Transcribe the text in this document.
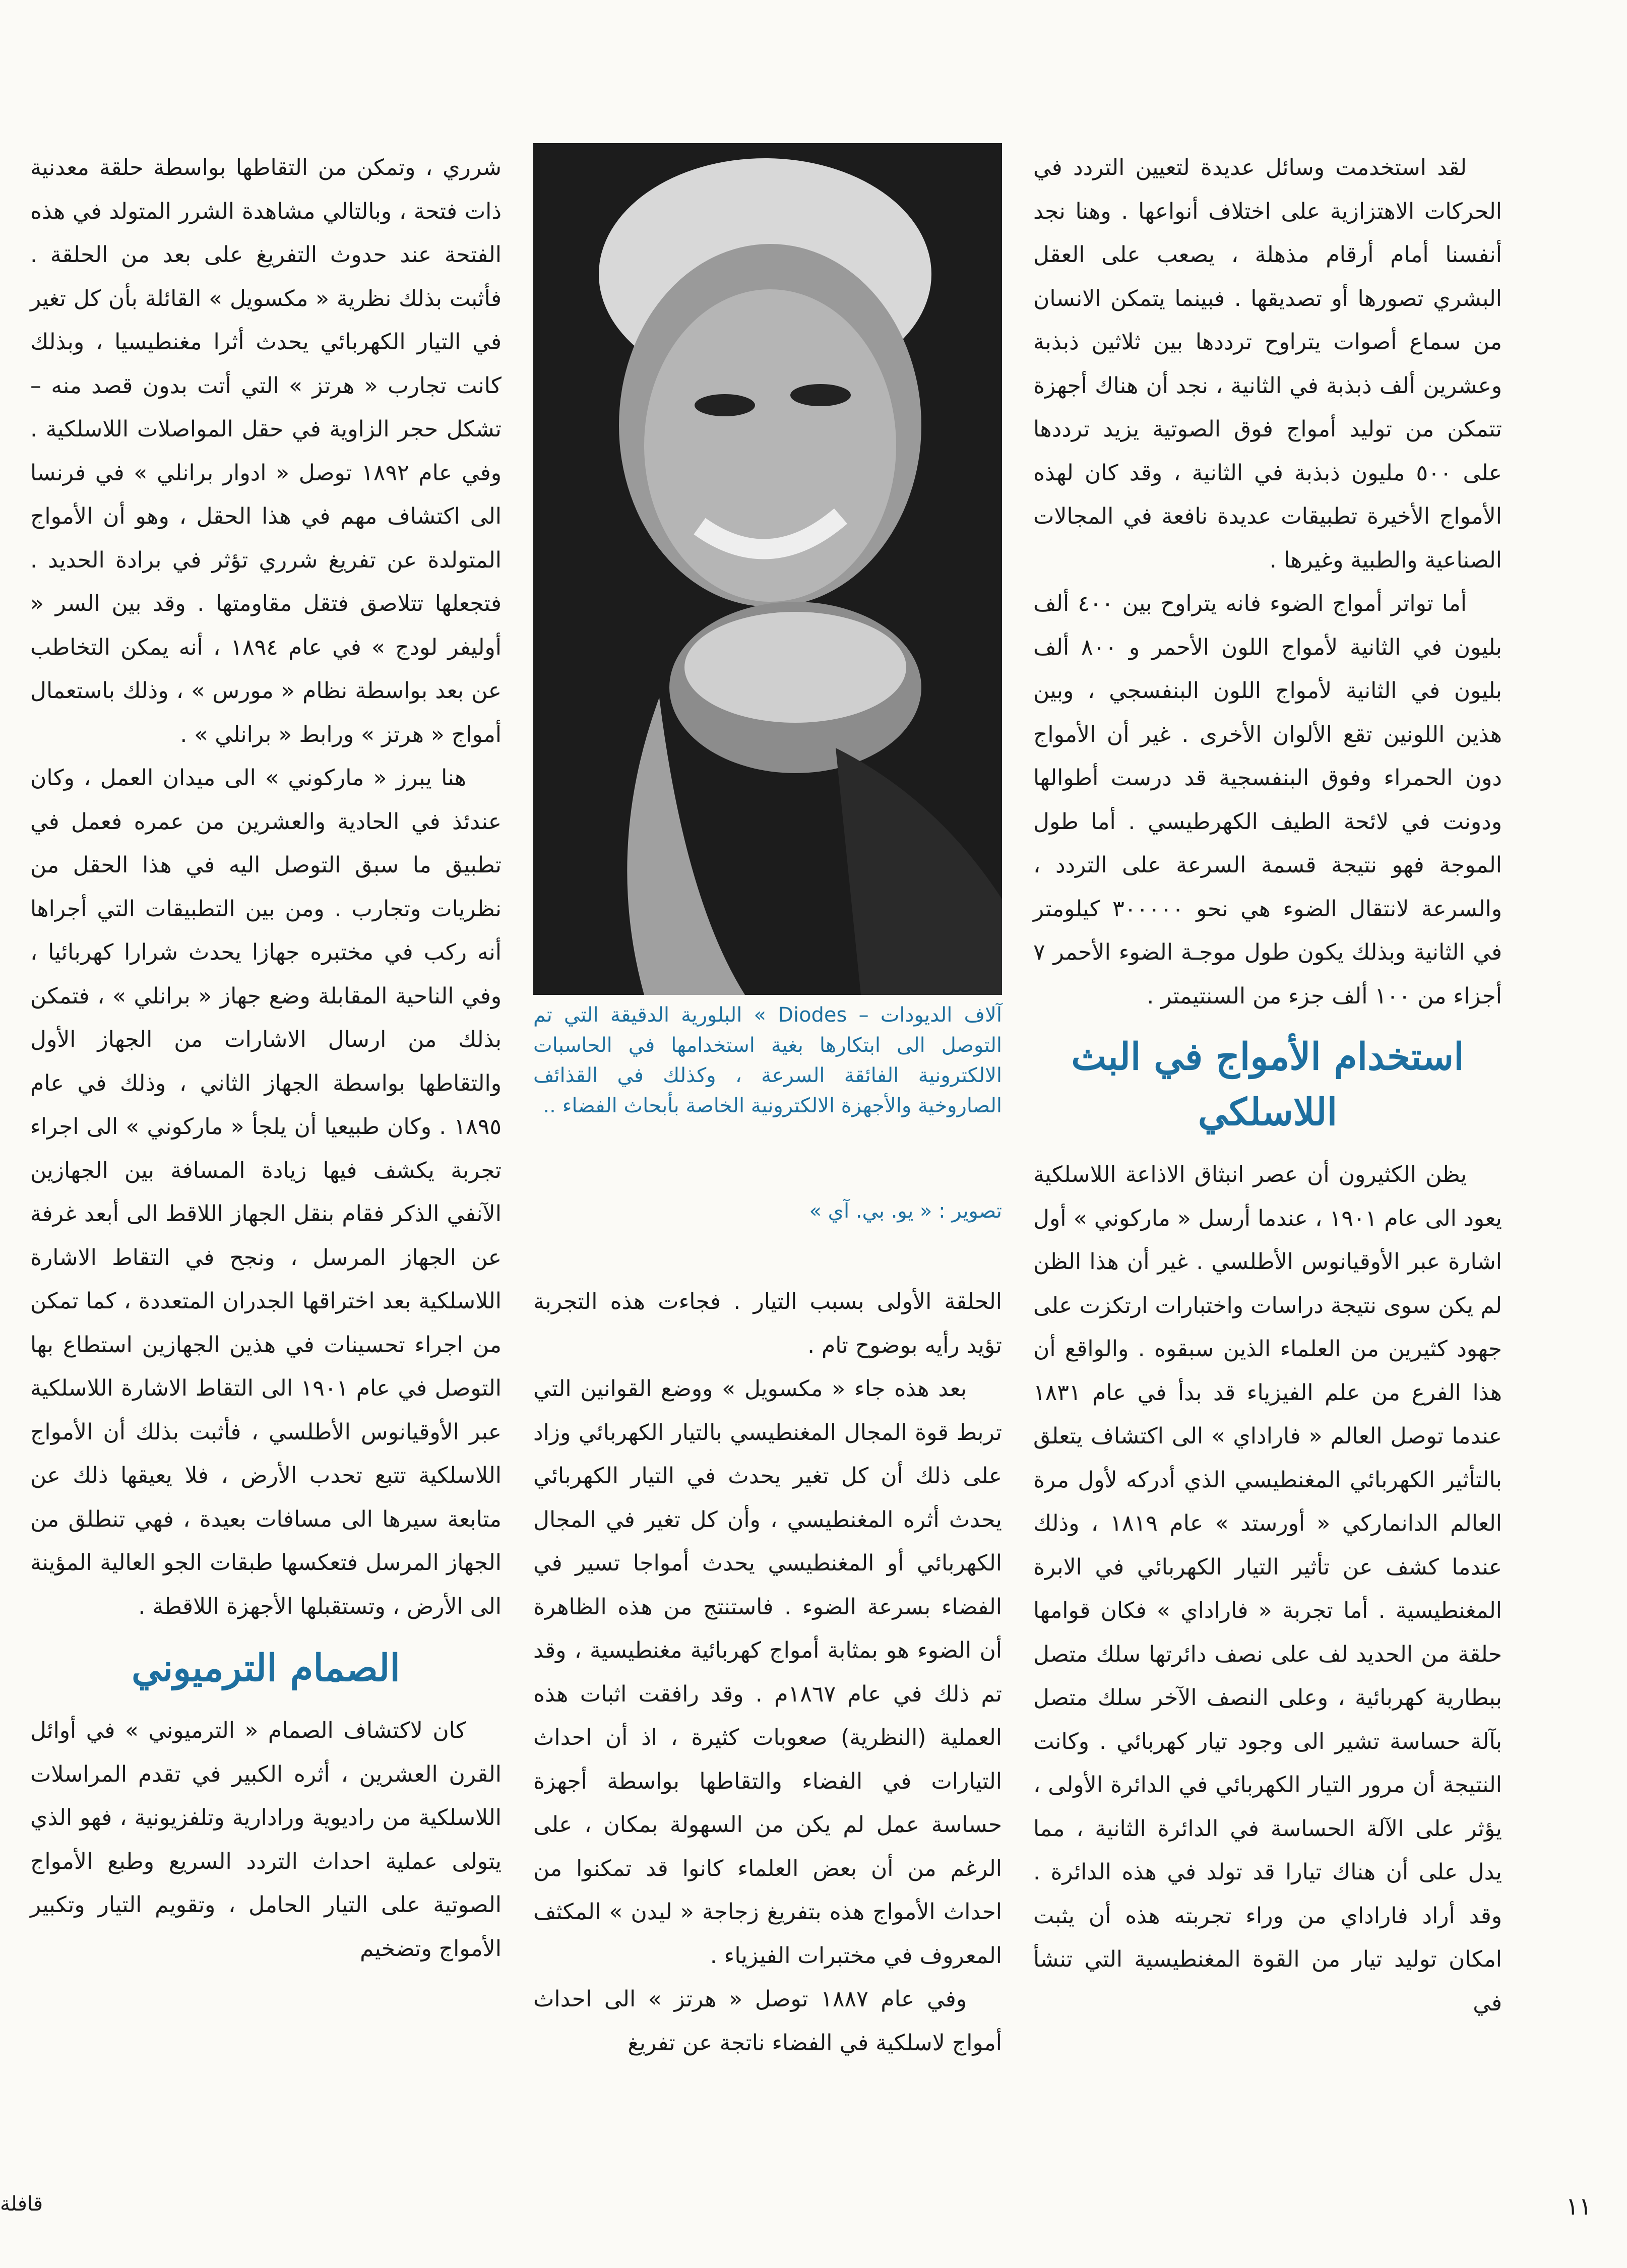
لقد استخدمت وسائل عديدة لتعيين التردد في الحركات الاهتزازية على اختلاف أنواعها . وهنا نجد أنفسنا أمام أرقام مذهلة ، يصعب على العقل البشري تصورها أو تصديقها . فبينما يتمكن الانسان من سماع أصوات يتراوح ترددها بين ثلاثين ذبذبة وعشرين ألف ذبذبة في الثانية ، نجد أن هناك أجهزة تتمكن من توليد أمواج فوق الصوتية يزيد ترددها على ٥٠٠ مليون ذبذبة في الثانية ، وقد كان لهذه الأمواج الأخيرة تطبيقات عديدة نافعة في المجالات الصناعية والطبية وغيرها .

أما تواتر أمواج الضوء فانه يتراوح بين ٤٠٠ ألف بليون في الثانية لأمواج اللون الأحمر و ٨٠٠ ألف بليون في الثانية لأمواج اللون البنفسجي ، وبين هذين اللونين تقع الألوان الأخرى . غير أن الأمواج دون الحمراء وفوق البنفسجية قد درست أطوالها ودونت في لائحة الطيف الكهرطيسي . أما طول الموجة فهو نتيجة قسمة السرعة على التردد ، والسرعة لانتقال الضوء هي نحو ٣٠٠٠٠٠ كيلومتر في الثانية وبذلك يكون طول موجـة الضوء الأحمر ٧ أجزاء من ١٠٠ ألف جزء من السنتيمتر .

استخدام الأمواج في البث اللاسلكي

يظن الكثيرون أن عصر انبثاق الاذاعة اللاسلكية يعود الى عام ١٩٠١ ، عندما أرسل « ماركوني » أول اشارة عبر الأوقيانوس الأطلسي . غير أن هذا الظن لم يكن سوى نتيجة دراسات واختبارات ارتكزت على جهود كثيرين من العلماء الذين سبقوه . والواقع أن هذا الفرع من علم الفيزياء قد بدأ في عام ١٨٣١ عندما توصل العالم « فاراداي » الى اكتشاف يتعلق بالتأثير الكهربائي المغنطيسي الذي أدركه لأول مرة العالم الدانماركي « أورستد » عام ١٨١٩ ، وذلك عندما كشف عن تأثير التيار الكهربائي في الابرة المغنطيسية . أما تجربة « فاراداي » فكان قوامها حلقة من الحديد لف على نصف دائرتها سلك متصل ببطارية كهربائية ، وعلى النصف الآخر سلك متصل بآلة حساسة تشير الى وجود تيار كهربائي . وكانت النتيجة أن مرور التيار الكهربائي في الدائرة الأولى ، يؤثر على الآلة الحساسة في الدائرة الثانية ، مما يدل على أن هناك تيارا قد تولد في هذه الدائرة . وقد أراد فاراداي من وراء تجربته هذه أن يثبت امكان توليد تيار من القوة المغنطيسية التي تنشأ في

آلاف الديودات – Diodes » البلورية الدقيقة التي تم التوصل الى ابتكارها بغية استخدامها في الحاسبات الالكترونية الفائقة السرعة ، وكذلك في القذائف الصاروخية والأجهزة الالكترونية الخاصة بأبحاث الفضاء ..
تصوير : « يو. بي. آي »

الحلقة الأولى بسبب التيار . فجاءت هذه التجربة تؤيد رأيه بوضوح تام .

بعد هذه جاء « مكسويل » ووضع القوانين التي تربط قوة المجال المغنطيسي بالتيار الكهربائي وزاد على ذلك أن كل تغير يحدث في التيار الكهربائي يحدث أثره المغنطيسي ، وأن كل تغير في المجال الكهربائي أو المغنطيسي يحدث أمواجا تسير في الفضاء بسرعة الضوء . فاستنتج من هذه الظاهرة أن الضوء هو بمثابة أمواج كهربائية مغنطيسية ، وقد تم ذلك في عام ١٨٦٧م . وقد رافقت اثبات هذه العملية (النظرية) صعوبات كثيرة ، اذ أن احداث التيارات في الفضاء والتقاطها بواسطة أجهزة حساسة عمل لم يكن من السهولة بمكان ، على الرغم من أن بعض العلماء كانوا قد تمكنوا من احداث الأمواج هذه بتفريغ زجاجة « ليدن » المكثف المعروف في مختبرات الفيزياء .

وفي عام ١٨٨٧ توصل « هرتز » الى احداث أمواج لاسلكية في الفضاء ناتجة عن تفريغ

شرري ، وتمكن من التقاطها بواسطة حلقة معدنية ذات فتحة ، وبالتالي مشاهدة الشرر المتولد في هذه الفتحة عند حدوث التفريغ على بعد من الحلقة . فأثبت بذلك نظرية « مكسويل » القائلة بأن كل تغير في التيار الكهربائي يحدث أثرا مغنطيسيا ، وبذلك كانت تجارب « هرتز » التي أتت بدون قصد منه – تشكل حجر الزاوية في حقل المواصلات اللاسلكية . وفي عام ١٨٩٢ توصل « ادوار برانلي » في فرنسا الى اكتشاف مهم في هذا الحقل ، وهو أن الأمواج المتولدة عن تفريغ شرري تؤثر في برادة الحديد . فتجعلها تتلاصق فتقل مقاومتها . وقد بين السر « أوليفر لودج » في عام ١٨٩٤ ، أنه يمكن التخاطب عن بعد بواسطة نظام « مورس » ، وذلك باستعمال أمواج « هرتز » ورابط « برانلي » .

هنا يبرز « ماركوني » الى ميدان العمل ، وكان عندئذ في الحادية والعشرين من عمره فعمل في تطبيق ما سبق التوصل اليه في هذا الحقل من نظريات وتجارب . ومن بين التطبيقات التي أجراها أنه ركب في مختبره جهازا يحدث شرارا كهربائيا ، وفي الناحية المقابلة وضع جهاز « برانلي » ، فتمكن بذلك من ارسال الاشارات من الجهاز الأول والتقاطها بواسطة الجهاز الثاني ، وذلك في عام ١٨٩٥ . وكان طبيعيا أن يلجأ « ماركوني » الى اجراء تجربة يكشف فيها زيادة المسافة بين الجهازين الآنفي الذكر فقام بنقل الجهاز اللاقط الى أبعد غرفة عن الجهاز المرسل ، ونجح في التقاط الاشارة اللاسلكية بعد اختراقها الجدران المتعددة ، كما تمكن من اجراء تحسينات في هذين الجهازين استطاع بها التوصل في عام ١٩٠١ الى التقاط الاشارة اللاسلكية عبر الأوقيانوس الأطلسي ، فأثبت بذلك أن الأمواج اللاسلكية تتبع تحدب الأرض ، فلا يعيقها ذلك عن متابعة سيرها الى مسافات بعيدة ، فهي تنطلق من الجهاز المرسل فتعكسها طبقات الجو العالية المؤينة الى الأرض ، وتستقبلها الأجهزة اللاقطة .

الصمام الترميوني

كان لاكتشاف الصمام « الترميوني » في أوائل القرن العشرين ، أثره الكبير في تقدم المراسلات اللاسلكية من راديوية ورادارية وتلفزيونية ، فهو الذي يتولى عملية احداث التردد السريع وطبع الأمواج الصوتية على التيار الحامل ، وتقويم التيار وتكبير الأمواج وتضخيم

١١
قافلة
